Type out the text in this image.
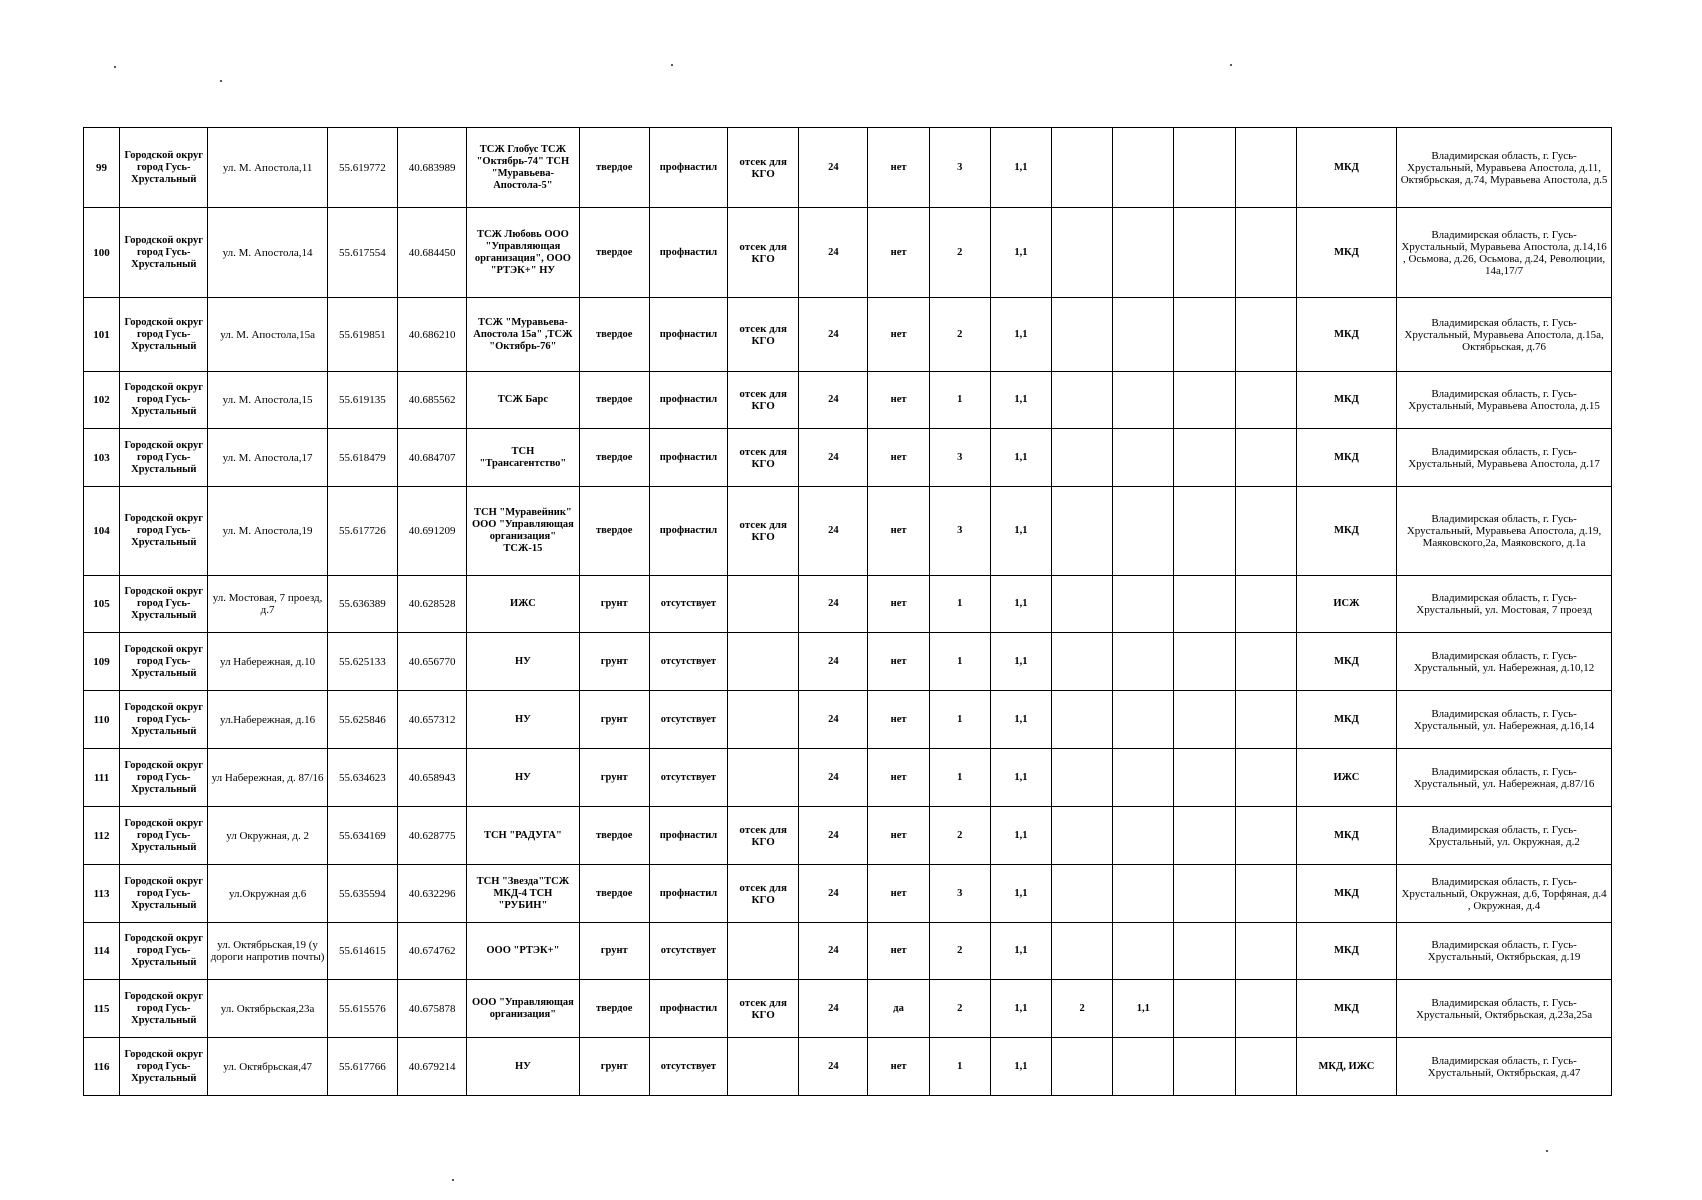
99	Городской округ город Гусь-Хрустальный	ул. М. Апостола,11	55.619772	40.683989	ТСЖ Глобус ТСЖ "Октябрь-74" ТСН "Муравьева-Апостола-5"	твердое	профнастил	отсек для КГО	24	нет	3	1,1					МКД	Владимирская область, г. Гусь-Хрустальный, Муравьева Апостола, д.11, Октябрьская, д.74, Муравьева Апостола, д.5
100	Городской округ город Гусь-Хрустальный	ул. М. Апостола,14	55.617554	40.684450	ТСЖ Любовь ООО "Управляющая организация", ООО "РТЭК+" НУ	твердое	профнастил	отсек для КГО	24	нет	2	1,1					МКД	Владимирская область, г. Гусь-Хрустальный, Муравьева Апостола, д.14,16 , Осьмова, д.26, Осьмова, д.24, Революции, 14а,17/7
101	Городской округ город Гусь-Хрустальный	ул. М. Апостола,15а	55.619851	40.686210	ТСЖ "Муравьева-Апостола 15а" ,ТСЖ "Октябрь-76"	твердое	профнастил	отсек для КГО	24	нет	2	1,1					МКД	Владимирская область, г. Гусь-Хрустальный, Муравьева Апостола, д.15а, Октябрьская, д.76
102	Городской округ город Гусь-Хрустальный	ул. М. Апостола,15	55.619135	40.685562	ТСЖ Барс	твердое	профнастил	отсек для КГО	24	нет	1	1,1					МКД	Владимирская область, г. Гусь-Хрустальный, Муравьева Апостола, д.15
103	Городской округ город Гусь-Хрустальный	ул. М. Апостола,17	55.618479	40.684707	ТСН "Трансагентство"	твердое	профнастил	отсек для КГО	24	нет	3	1,1					МКД	Владимирская область, г. Гусь-Хрустальный, Муравьева Апостола, д.17
104	Городской округ город Гусь-Хрустальный	ул. М. Апостола,19	55.617726	40.691209	ТСН "Муравейник" ООО "Управляющая организация" ТСЖ-15	твердое	профнастил	отсек для КГО	24	нет	3	1,1					МКД	Владимирская область, г. Гусь-Хрустальный, Муравьева Апостола, д.19, Маяковского,2а, Маяковского, д.1а
105	Городской округ город Гусь-Хрустальный	ул. Мостовая, 7 проезд, д.7	55.636389	40.628528	ИЖС	грунт	отсутствует		24	нет	1	1,1					ИСЖ	Владимирская область, г. Гусь-Хрустальный, ул. Мостовая, 7 проезд
109	Городской округ город Гусь-Хрустальный	ул Набережная, д.10	55.625133	40.656770	НУ	грунт	отсутствует		24	нет	1	1,1					МКД	Владимирская область, г. Гусь-Хрустальный, ул. Набережная, д.10,12
110	Городской округ город Гусь-Хрустальный	ул.Набережная, д.16	55.625846	40.657312	НУ	грунт	отсутствует		24	нет	1	1,1					МКД	Владимирская область, г. Гусь-Хрустальный, ул. Набережная, д.16,14
111	Городской округ город Гусь-Хрустальный	ул Набережная, д. 87/16	55.634623	40.658943	НУ	грунт	отсутствует		24	нет	1	1,1					ИЖС	Владимирская область, г. Гусь-Хрустальный, ул. Набережная, д.87/16
112	Городской округ город Гусь-Хрустальный	ул Окружная, д. 2	55.634169	40.628775	ТСН "РАДУГА"	твердое	профнастил	отсек для КГО	24	нет	2	1,1					МКД	Владимирская область, г. Гусь-Хрустальный, ул. Окружная, д.2
113	Городской округ город Гусь-Хрустальный	ул.Окружная д.6	55.635594	40.632296	ТСН "Звезда"ТСЖ МКД-4 ТСН "РУБИН"	твердое	профнастил	отсек для КГО	24	нет	3	1,1					МКД	Владимирская область, г. Гусь-Хрустальный, Окружная, д.6, Торфяная, д.4 , Окружная, д.4
114	Городской округ город Гусь-Хрустальный	ул. Октябрьская,19 (у дороги напротив почты)	55.614615	40.674762	ООО "РТЭК+"	грунт	отсутствует		24	нет	2	1,1					МКД	Владимирская область, г. Гусь-Хрустальный, Октябрьская, д.19
115	Городской округ город Гусь-Хрустальный	ул. Октябрьская,23а	55.615576	40.675878	ООО "Управляющая организация"	твердое	профнастил	отсек для КГО	24	да	2	1,1	2	1,1			МКД	Владимирская область, г. Гусь-Хрустальный, Октябрьская, д.23а,25а
116	Городской округ город Гусь-Хрустальный	ул. Октябрьская,47	55.617766	40.679214	НУ	грунт	отсутствует		24	нет	1	1,1					МКД, ИЖС	Владимирская область, г. Гусь-Хрустальный, Октябрьская, д.47
